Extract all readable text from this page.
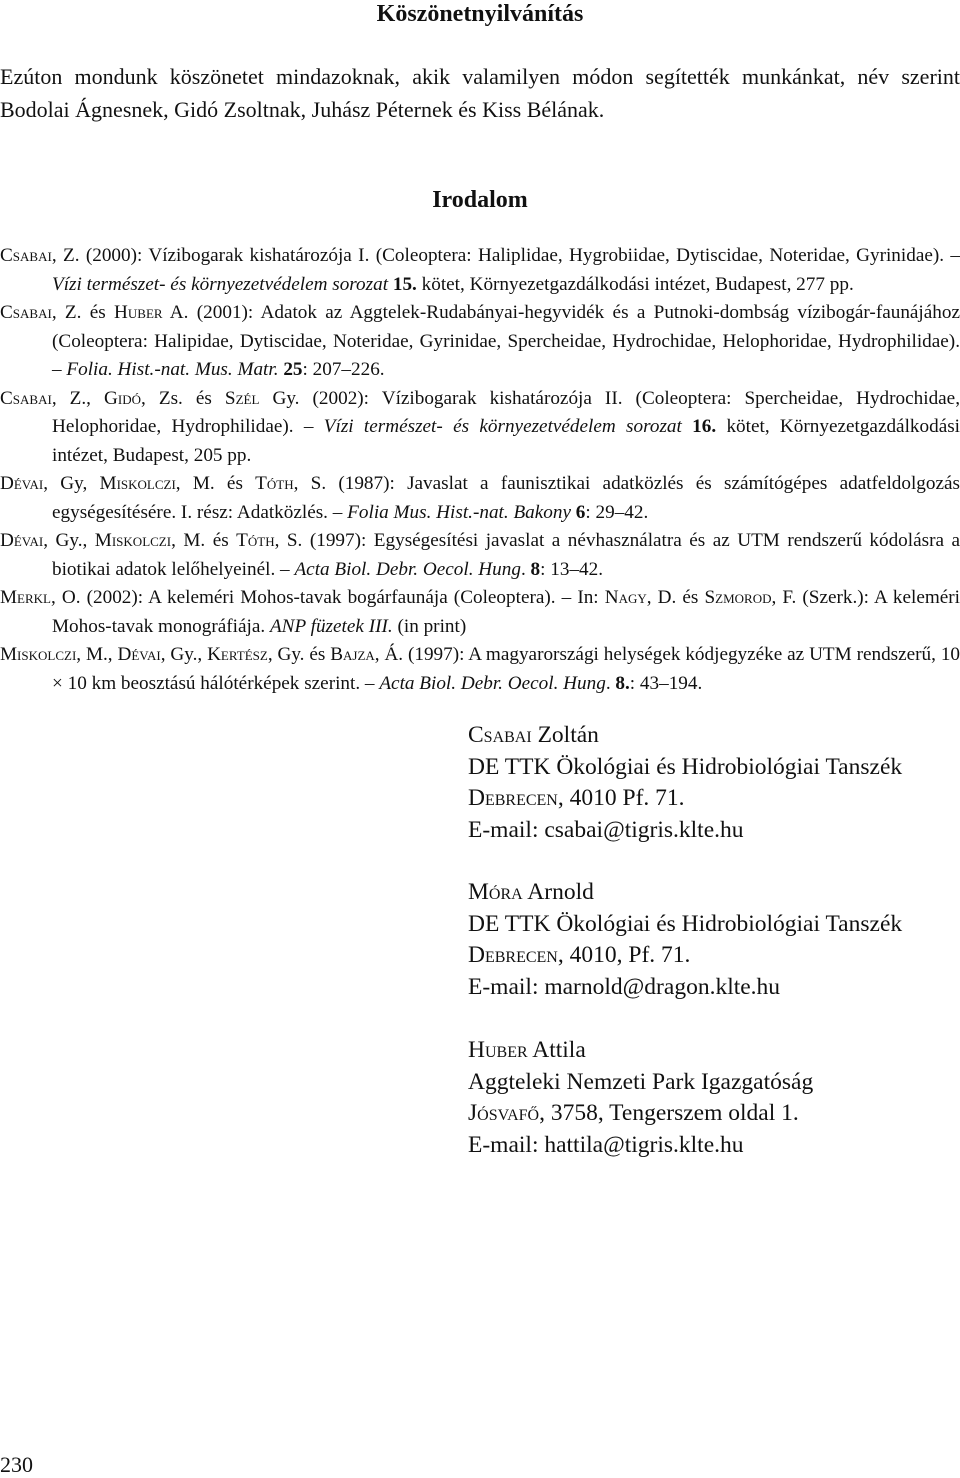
Köszönetnyilvánítás

Ezúton mondunk köszönetet mindazoknak, akik valamilyen módon segítették munkánkat, név szerint Bodolai Ágnesnek, Gidó Zsoltnak, Juhász Péternek és Kiss Bélának.

Irodalom

Csabai, Z. (2000): Vízibogarak kishatározója I. (Coleoptera: Haliplidae, Hygrobiidae, Dytiscidae, Noteridae, Gyrinidae). – Vízi természet- és környezetvédelem sorozat 15. kötet, Környezetgazdálkodási intézet, Budapest, 277 pp.

Csabai, Z. és Huber A. (2001): Adatok az Aggtelek-Rudabányai-hegyvidék és a Putnoki-dombság vízibogár-faunájához (Coleoptera: Halipidae, Dytiscidae, Noteridae, Gyrinidae, Spercheidae, Hydrochidae, Helophoridae, Hydrophilidae). – Folia. Hist.-nat. Mus. Matr. 25: 207–226.

Csabai, Z., Gidó, Zs. és Szél Gy. (2002): Vízibogarak kishatározója II. (Coleoptera: Spercheidae, Hydrochidae, Helophoridae, Hydrophilidae). – Vízi természet- és környezetvédelem sorozat 16. kötet, Környezetgazdálkodási intézet, Budapest, 205 pp.

Dévai, Gy, Miskolczi, M. és Tóth, S. (1987): Javaslat a faunisztikai adatközlés és számítógépes adatfeldolgozás egységesítésére. I. rész: Adatközlés. – Folia Mus. Hist.-nat. Bakony 6: 29–42.

Dévai, Gy., Miskolczi, M. és Tóth, S. (1997): Egységesítési javaslat a névhasználatra és az UTM rendszerű kódolásra a biotikai adatok lelőhelyeinél. – Acta Biol. Debr. Oecol. Hung. 8: 13–42.

Merkl, O. (2002): A keleméri Mohos-tavak bogárfaunája (Coleoptera). – In: Nagy, D. és Szmorod, F. (Szerk.): A keleméri Mohos-tavak monográfiája. ANP füzetek III. (in print)

Miskolczi, M., Dévai, Gy., Kertész, Gy. és Bajza, Á. (1997): A magyarországi helységek kódjegyzéke az UTM rendszerű, 10 × 10 km beosztású hálótérképek szerint. – Acta Biol. Debr. Oecol. Hung. 8.: 43–194.

Csabai Zoltán
DE TTK Ökológiai és Hidrobiológiai Tanszék
Debrecen, 4010 Pf. 71.
E-mail: csabai@tigris.klte.hu
Móra Arnold
DE TTK Ökológiai és Hidrobiológiai Tanszék
Debrecen, 4010, Pf. 71.
E-mail: marnold@dragon.klte.hu
Huber Attila
Aggteleki Nemzeti Park Igazgatóság
Jósvafő, 3758, Tengerszem oldal 1.
E-mail: hattila@tigris.klte.hu
230
